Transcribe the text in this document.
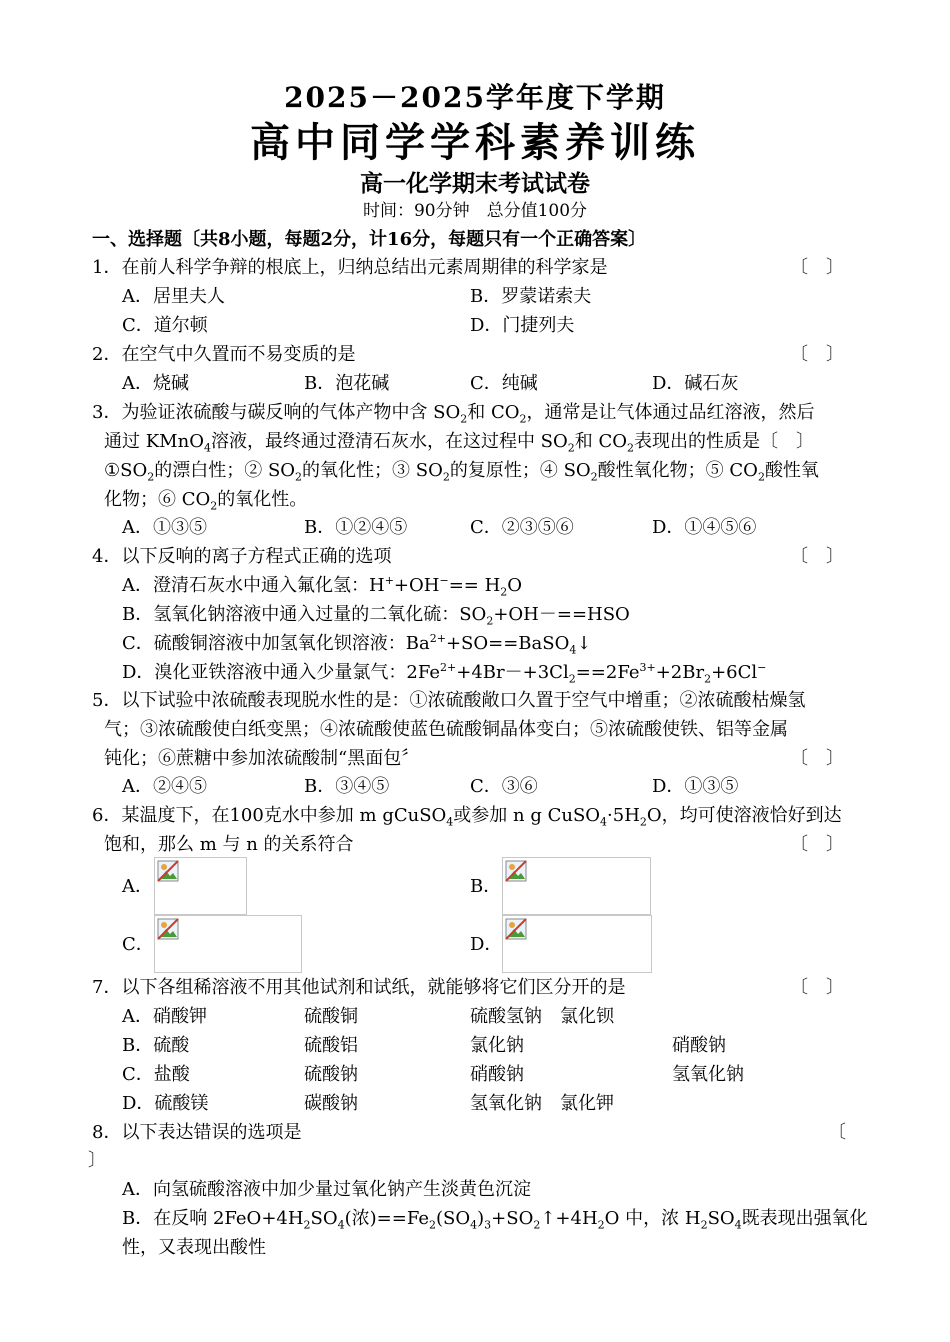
2025－2025学年度下学期
高中同学学科素养训练
高一化学期末考试试卷
时间：90分钟　总分值100分
一、选择题〔共8小题，每题2分，计16分，每题只有一个正确答案〕
1．在前人科学争辩的根底上，归纳总结出元素周期律的科学家是	〔　〕
A．居里夫人	B．罗蒙诺索夫
C．道尔顿	D．门捷列夫
2．在空气中久置而不易变质的是	〔　〕
A．烧碱	B．泡花碱	C．纯碱	D．碱石灰
3．为验证浓硫酸与碳反响的气体产物中含 $SO_2$和 $CO_2$，通常是让气体通过品红溶液，然后
通过 KMnO$_4$溶液，最终通过澄清石灰水，在这过程中 $SO_2$和 $CO_2$表现出的性质是〔　〕
$①SO_2$的漂白性；② $SO_2$的氧化性；③ $SO_2$的复原性；④ $SO_2$酸性氧化物；⑤ $CO_2$酸性氧
化物；⑥ $CO_2$的氧化性。
A．①③⑤	B．①②④⑤	C．②③⑤⑥	D．①④⑤⑥
4．以下反响的离子方程式正确的选项	〔　〕
A．澄清石灰水中通入氟化氢：$H^++OH^-== H_2O$
B．氢氧化钠溶液中通入过量的二氧化硫：$SO_2+OH-==HSO$
C．硫酸铜溶液中加氢氧化钡溶液：$Ba^{2+}+SO==BaSO_4↓$
D．溴化亚铁溶液中通入少量氯气：$2Fe^{2+}+4Br-+3Cl_2==2Fe^{3+}+2Br_2+6Cl^-$
5．以下试验中浓硫酸表现脱水性的是：①浓硫酸敞口久置于空气中增重；②浓硫酸枯燥氢
气；③浓硫酸使白纸变黑；④浓硫酸使蓝色硫酸铜晶体变白；⑤浓硫酸使铁、铝等金属
钝化；⑥蔗糖中参加浓硫酸制“黑面包〞	〔　〕
A．②④⑤	B．③④⑤	C．③⑥	D．①③⑤
6．某温度下，在100克水中参加 m gCuSO$_4$或参加 n g $CuSO_4\cdot 5H_2O$，均可使溶液恰好到达
饱和，那么 m 与 n 的关系符合	〔　〕
A．	B．
C．	D．
7．以下各组稀溶液不用其他试剂和试纸，就能够将它们区分开的是	〔　〕
A．硝酸钾	硫酸铜	硫酸氢钠　氯化钡
B．硫酸	硫酸铝	氯化钠	硝酸钠
C．盐酸	硫酸钠	硝酸钠	氢氧化钠
D．硫酸镁	碳酸钠	氢氧化钠　氯化钾
8．以下表达错误的选项是	〔
〕
A．向氢硫酸溶液中加少量过氧化钠产生淡黄色沉淀
B．在反响 $2FeO+4H_2SO_4$(浓)$==Fe_2(SO_4)_3+SO_2↑+4H_2O$ 中，浓 $H_2SO_4$既表现出强氧化
性，又表现出酸性
